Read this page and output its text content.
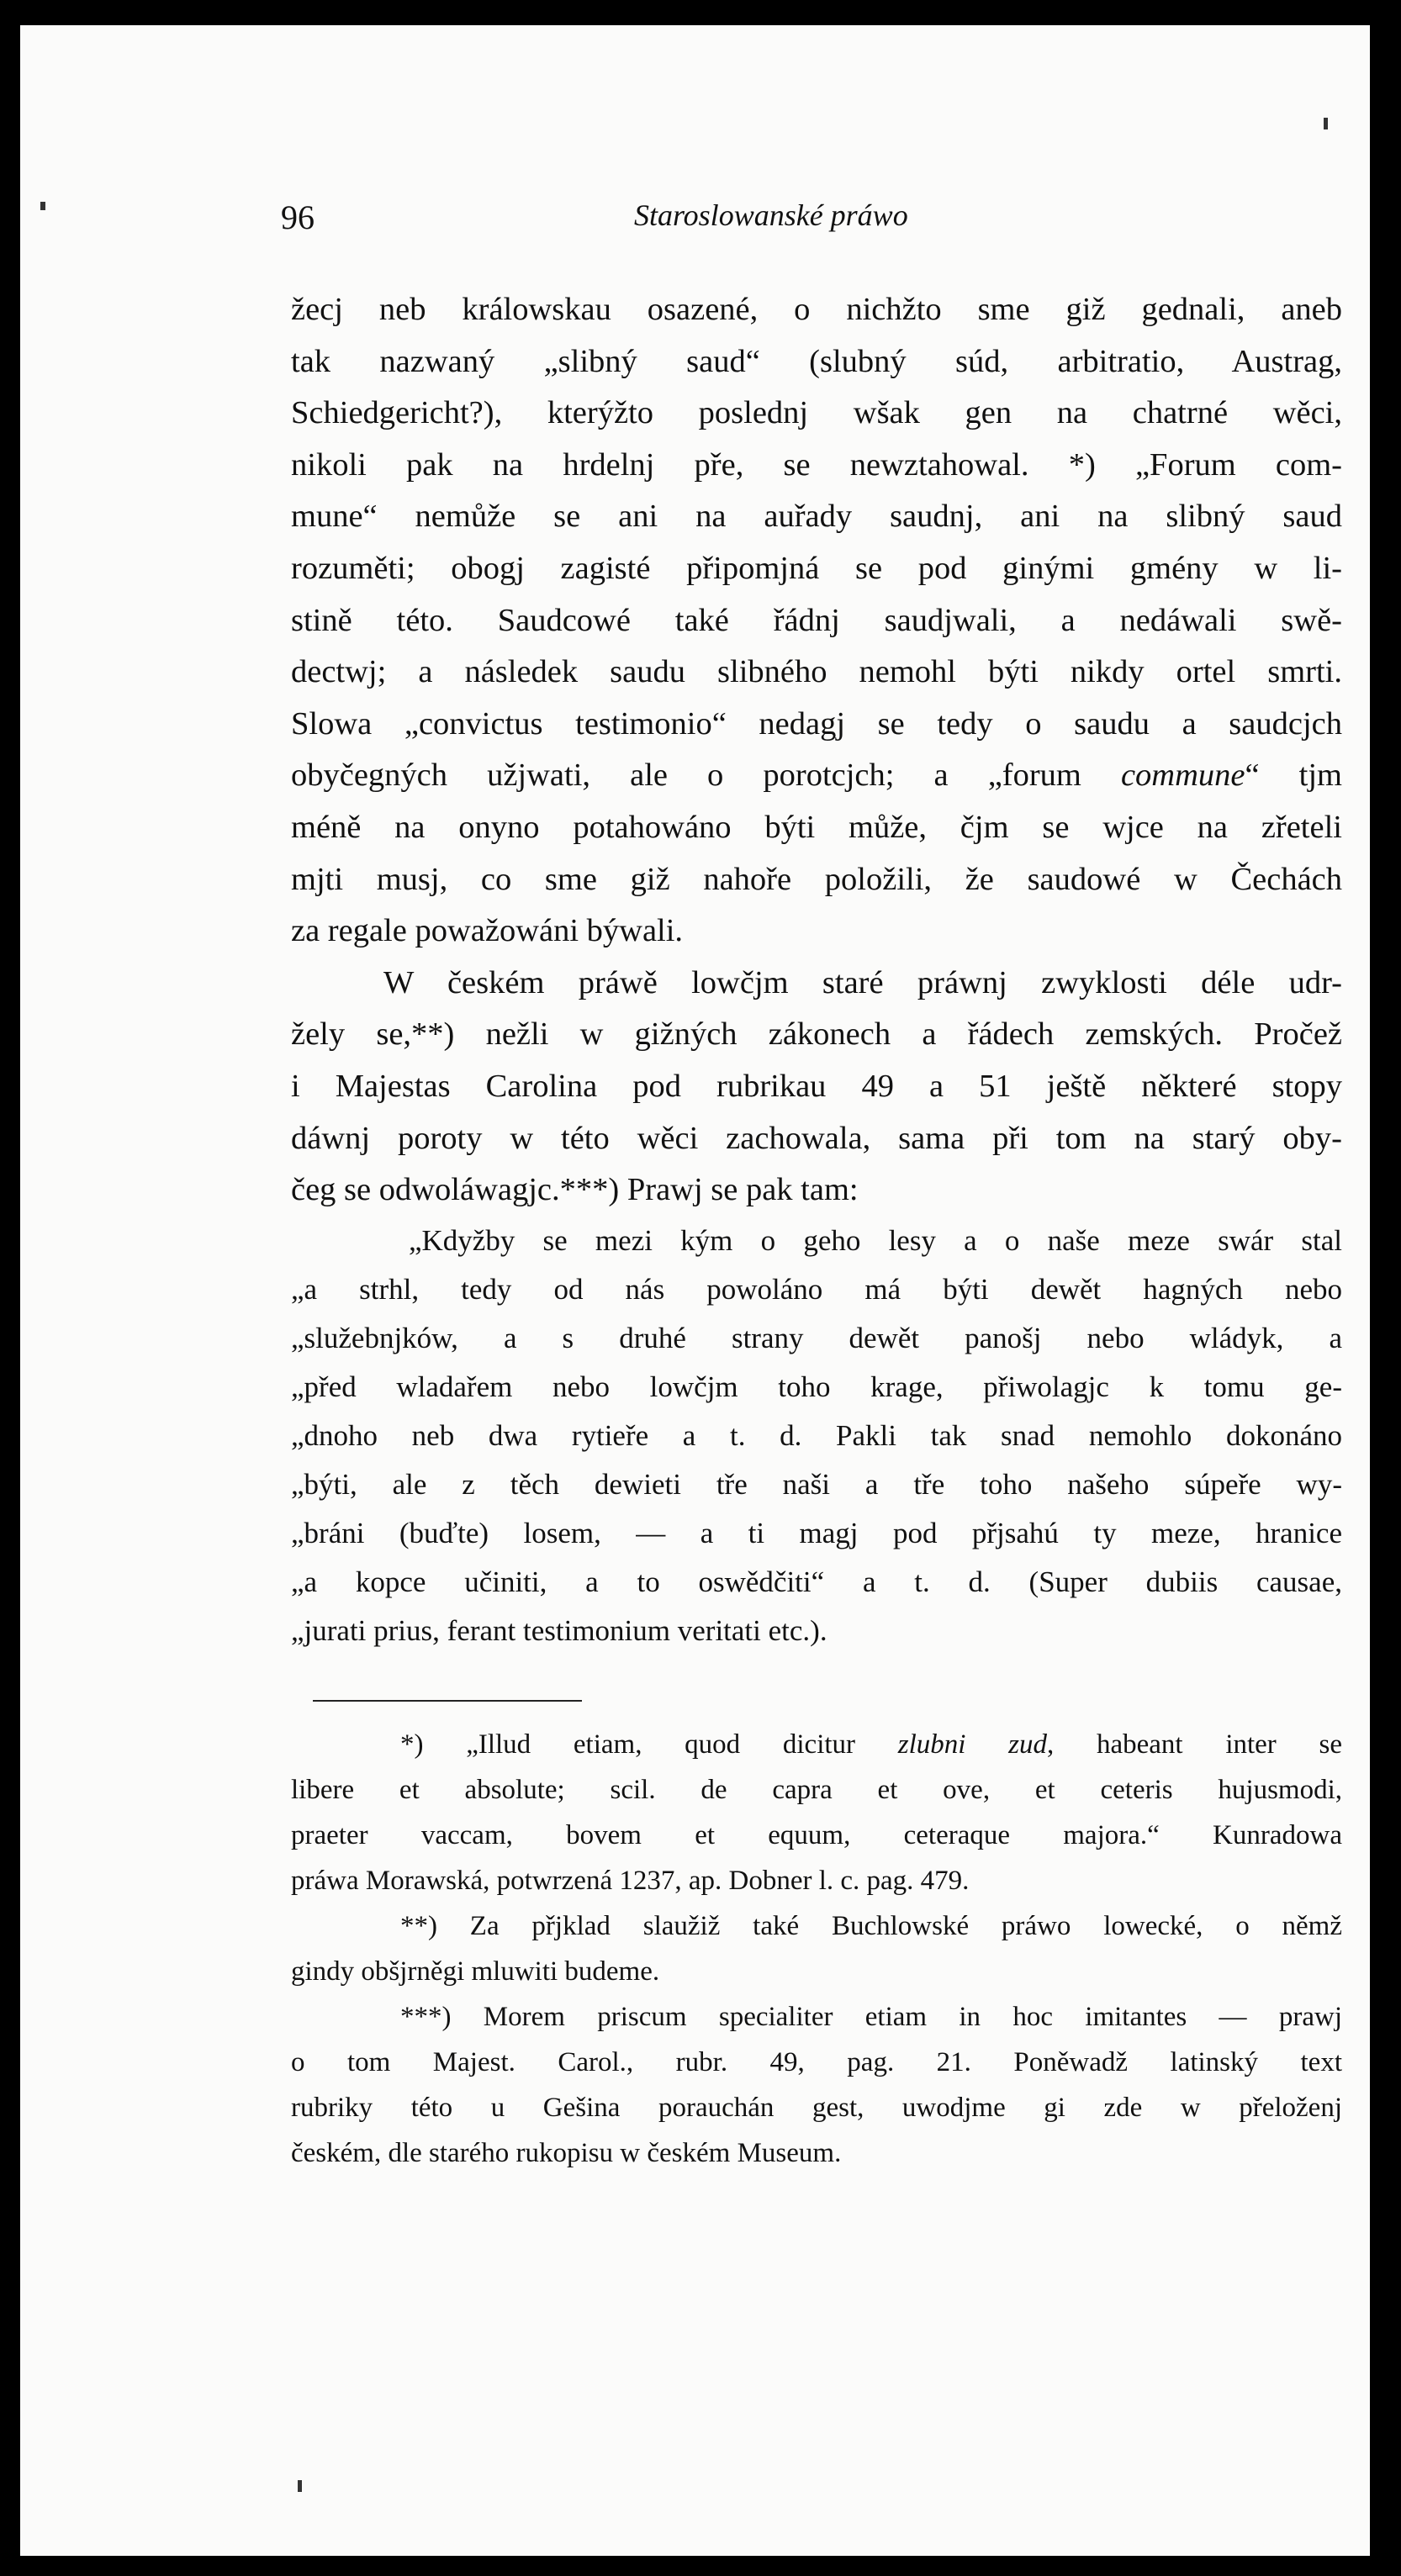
96	Staroslowanské práwo

žecj neb králowskau osazené, o nichžto sme giž gednali, aneb
tak nazwaný „slibný saud“ (slubný súd, arbitratio, Austrag,
Schiedgericht?), kterýžto poslednj wšak gen na chatrné wěci,
nikoli pak na hrdelnj pře, se newztahowal. *) „Forum com-
mune“ nemůže se ani na auřady saudnj, ani na slibný saud
rozuměti; obogj zagisté připomjná se pod ginými gmény w li-
stině této. Saudcowé také řádnj saudjwali, a nedáwali swě-
dectwj; a následek saudu slibného nemohl býti nikdy ortel smrti.
Slowa „convictus testimonio“ nedagj se tedy o saudu a saudcjch
obyčegných užjwati, ale o porotcjch; a „forum commune“ tjm
méně na onyno potahowáno býti může, čjm se wjce na zřeteli
mjti musj, co sme giž nahoře položili, že saudowé w Čechách
za regale powažowáni býwali.

W českém práwě lowčjm staré práwnj zwyklosti déle udr-
žely se,**) nežli w gižných zákonech a řádech zemských. Pročež
i Majestas Carolina pod rubrikau 49 a 51 ještě některé stopy
dáwnj poroty w této wěci zachowala, sama při tom na starý oby-
čeg se odwoláwagjc.***) Prawj se pak tam:

„Kdyžby se mezi kým o geho lesy a o naše meze swár stal
„a strhl, tedy od nás powoláno má býti dewět hagných nebo
„služebnjków, a s druhé strany dewět panošj nebo wládyk, a
„před wladařem nebo lowčjm toho krage, přiwolagjc k tomu ge-
„dnoho neb dwa rytieře a t. d. Pakli tak snad nemohlo dokonáno
„býti, ale z těch dewieti tře naši a tře toho našeho súpeře wy-
„bráni (buďte) losem, — a ti magj pod přjsahú ty meze, hranice
„a kopce učiniti, a to oswědčiti“ a t. d. (Super dubiis causae,
„jurati prius, ferant testimonium veritati etc.).

*) „Illud etiam, quod dicitur zlubni zud, habeant inter se
libere et absolute; scil. de capra et ove, et ceteris hujusmodi,
praeter vaccam, bovem et equum, ceteraque majora.“ Kunradowa
práwa Morawská, potwrzená 1237, ap. Dobner l. c. pag. 479.

**) Za přjklad slaužiž také Buchlowské práwo lowecké, o němž
gindy obšjrněgi mluwiti budeme.

***) Morem priscum specialiter etiam in hoc imitantes — prawj
o tom Majest. Carol., rubr. 49, pag. 21. Poněwadž latinský text
rubriky této u Gešina porauchán gest, uwodjme gi zde w přeloženj
českém, dle starého rukopisu w českém Museum.
